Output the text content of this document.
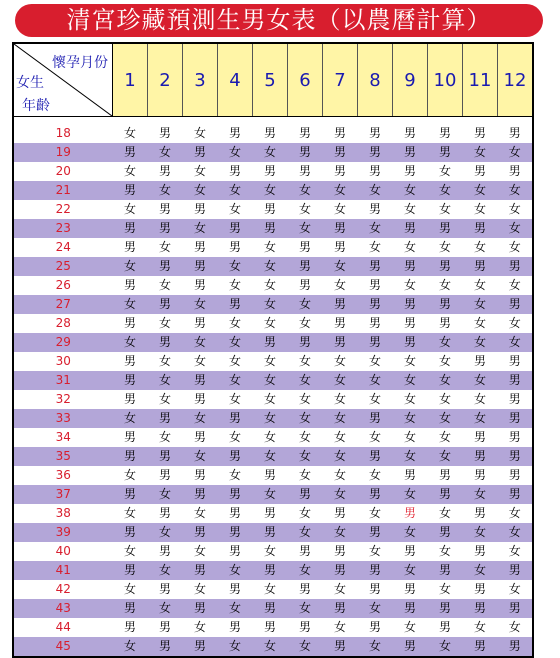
清宮珍藏預測生男女表（以農曆計算）
懷孕月份
女生
年齡	1	2	3	4	5	6	7	8	9	10	11	12

18	女	男	女	男	男	男	男	男	男	男	男	男
19	男	女	男	女	女	男	男	男	男	男	女	女
20	女	男	女	男	男	男	男	男	男	女	男	男
21	男	女	女	女	女	女	女	女	女	女	女	女
22	女	男	男	女	男	女	女	男	女	女	女	女
23	男	男	女	男	男	女	男	女	男	男	男	女
24	男	女	男	男	女	男	男	女	女	女	女	女
25	女	男	男	女	女	男	女	男	男	男	男	男
26	男	女	男	女	女	男	女	男	女	女	女	女
27	女	男	女	男	女	女	男	男	男	男	女	男
28	男	女	男	女	女	女	男	男	男	男	女	女
29	女	男	女	女	男	男	男	男	男	女	女	女
30	男	女	女	女	女	女	女	女	女	女	男	男
31	男	女	男	女	女	女	女	女	女	女	女	男
32	男	女	男	女	女	女	女	女	女	女	女	男
33	女	男	女	男	女	女	女	男	女	女	女	男
34	男	女	男	女	女	女	女	女	女	女	男	男
35	男	男	女	男	女	女	女	男	女	女	男	男
36	女	男	男	女	男	女	女	女	男	男	男	男
37	男	女	男	男	女	男	女	男	女	男	女	男
38	女	男	女	男	男	女	男	女	男	女	男	女
39	男	女	男	男	男	女	女	男	女	男	女	女
40	女	男	女	男	女	男	男	女	男	女	男	女
41	男	女	男	女	男	女	男	男	女	男	女	男
42	女	男	女	男	女	男	女	男	男	女	男	女
43	男	女	男	女	男	女	男	女	男	男	男	男
44	男	男	女	男	男	男	女	男	女	男	女	女
45	女	男	男	女	女	女	男	女	男	女	男	男
